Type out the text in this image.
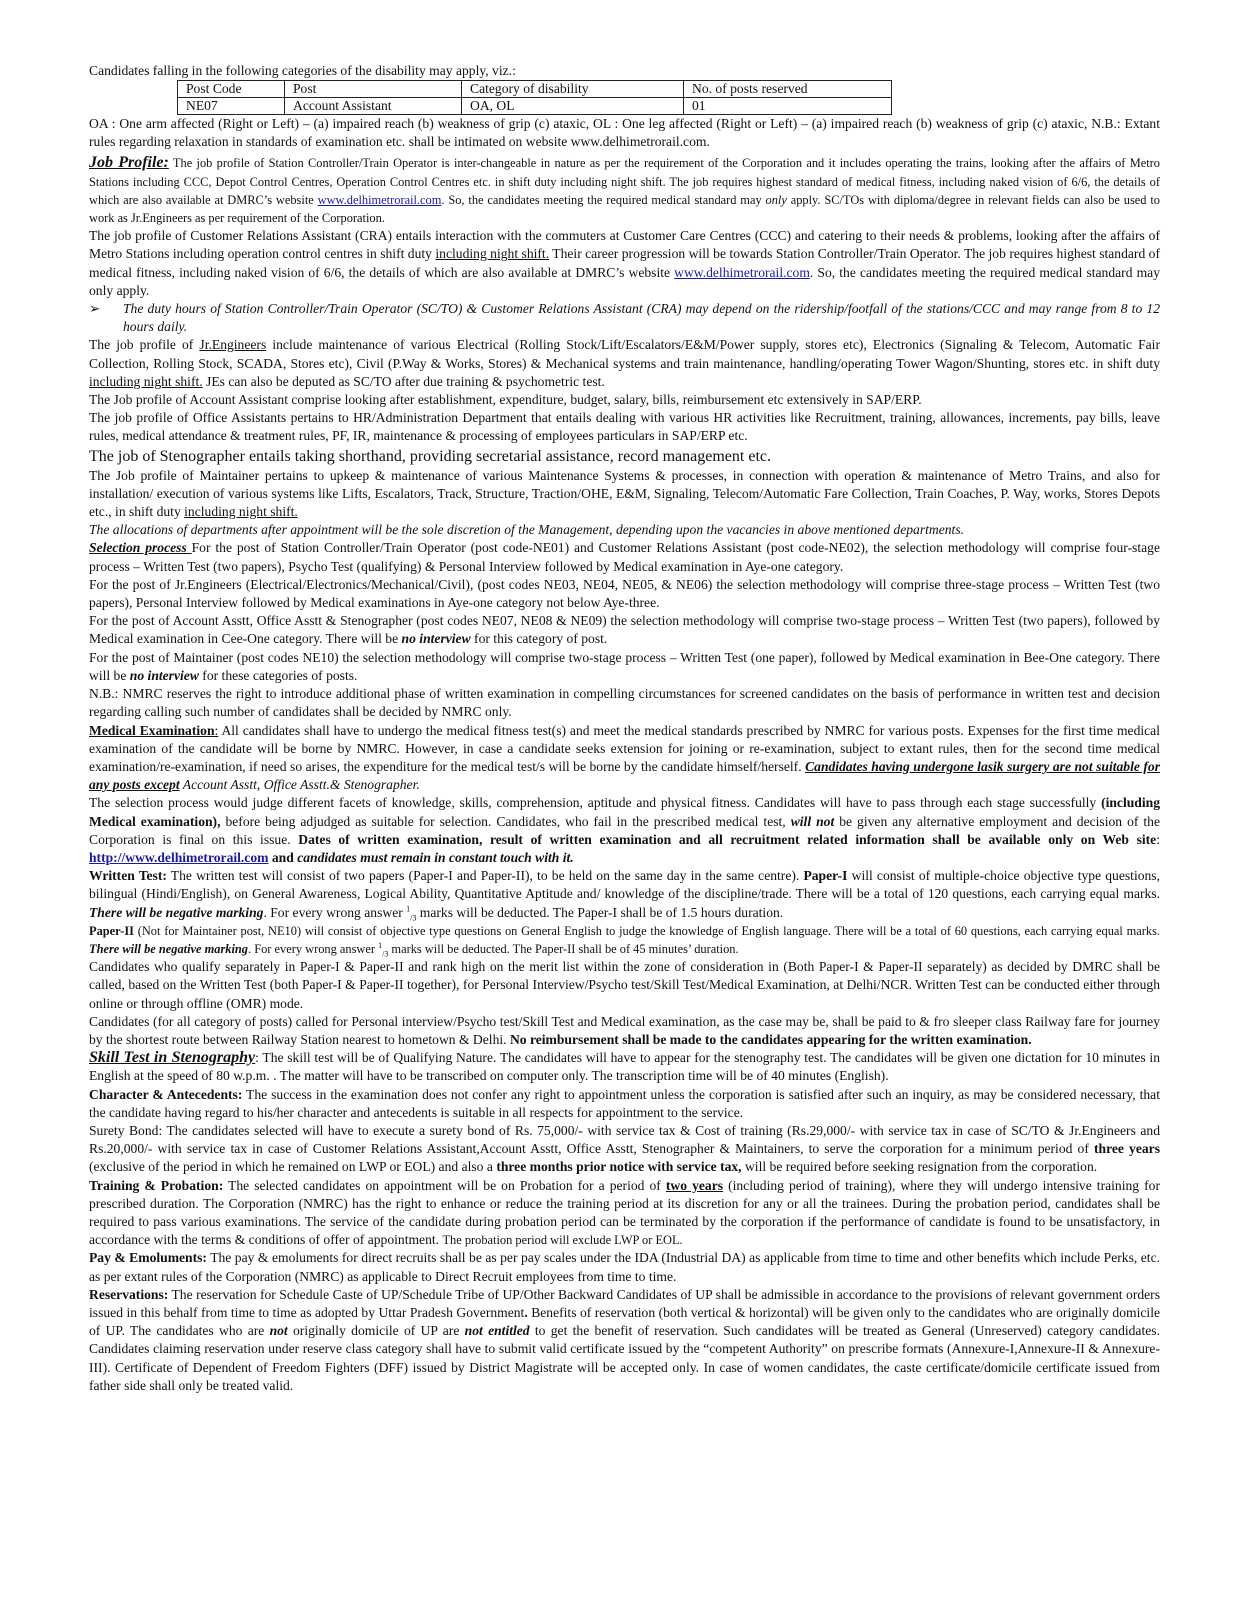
Candidates falling in the following categories of the disability may apply, viz.:

Post Code	Post	Category of disability	No. of posts reserved
NE07	Account Assistant	OA, OL	01

OA : One arm affected (Right or Left) – (a) impaired reach (b) weakness of grip (c) ataxic, OL : One leg affected (Right or Left) – (a) impaired reach (b) weakness of grip (c) ataxic, N.B.: Extant rules regarding relaxation in standards of examination etc. shall be intimated on website www.delhimetrorail.com.

Job Profile: The job profile of Station Controller/Train Operator is inter-changeable in nature as per the requirement of the Corporation and it includes operating the trains, looking after the affairs of Metro Stations including CCC, Depot Control Centres, Operation Control Centres etc. in shift duty including night shift. The job requires highest standard of medical fitness, including naked vision of 6/6, the details of which are also available at DMRC’s website www.delhimetrorail.com. So, the candidates meeting the required medical standard may only apply. SC/TOs with diploma/degree in relevant fields can also be used to work as Jr.Engineers as per requirement of the Corporation.

The job profile of Customer Relations Assistant (CRA) entails interaction with the commuters at Customer Care Centres (CCC) and catering to their needs & problems, looking after the affairs of Metro Stations including operation control centres in shift duty including night shift. Their career progression will be towards Station Controller/Train Operator. The job requires highest standard of medical fitness, including naked vision of 6/6, the details of which are also available at DMRC’s website www.delhimetrorail.com. So, the candidates meeting the required medical standard may only apply.

➢	The duty hours of Station Controller/Train Operator (SC/TO) & Customer Relations Assistant (CRA) may depend on the ridership/footfall of the stations/CCC and may range from 8 to 12 hours daily.

The job profile of Jr.Engineers include maintenance of various Electrical (Rolling Stock/Lift/Escalators/E&M/Power supply, stores etc), Electronics (Signaling & Telecom, Automatic Fair Collection, Rolling Stock, SCADA, Stores etc), Civil (P.Way & Works, Stores) & Mechanical systems and train maintenance, handling/operating Tower Wagon/Shunting, stores etc. in shift duty including night shift. JEs can also be deputed as SC/TO after due training & psychometric test.

The Job profile of Account Assistant comprise looking after establishment, expenditure, budget, salary, bills, reimbursement etc extensively in SAP/ERP.

The job profile of Office Assistants pertains to HR/Administration Department that entails dealing with various HR activities like Recruitment, training, allowances, increments, pay bills, leave rules, medical attendance & treatment rules, PF, IR, maintenance & processing of employees particulars in SAP/ERP etc.

The job of Stenographer entails taking shorthand, providing secretarial assistance, record management etc.

The Job profile of Maintainer pertains to upkeep & maintenance of various Maintenance Systems & processes, in connection with operation & maintenance of Metro Trains, and also for installation/ execution of various systems like Lifts, Escalators, Track, Structure, Traction/OHE, E&M, Signaling, Telecom/Automatic Fare Collection, Train Coaches, P. Way, works, Stores Depots etc., in shift duty including night shift.

The allocations of departments after appointment will be the sole discretion of the Management, depending upon the vacancies in above mentioned departments.

Selection process For the post of Station Controller/Train Operator (post code-NE01) and Customer Relations Assistant (post code-NE02), the selection methodology will comprise four-stage process – Written Test (two papers), Psycho Test (qualifying) & Personal Interview followed by Medical examination in Aye-one category.

For the post of Jr.Engineers (Electrical/Electronics/Mechanical/Civil), (post codes NE03, NE04, NE05, & NE06) the selection methodology will comprise three-stage process – Written Test (two papers), Personal Interview followed by Medical examinations in Aye-one category not below Aye-three.

For the post of Account Asstt, Office Asstt & Stenographer (post codes NE07, NE08 & NE09) the selection methodology will comprise two-stage process – Written Test (two papers), followed by Medical examination in Cee-One category. There will be no interview for this category of post.

For the post of Maintainer (post codes NE10) the selection methodology will comprise two-stage process – Written Test (one paper), followed by Medical examination in Bee-One category. There will be no interview for these categories of posts.

N.B.: NMRC reserves the right to introduce additional phase of written examination in compelling circumstances for screened candidates on the basis of performance in written test and decision regarding calling such number of candidates shall be decided by NMRC only.

Medical Examination: All candidates shall have to undergo the medical fitness test(s) and meet the medical standards prescribed by NMRC for various posts. Expenses for the first time medical examination of the candidate will be borne by NMRC. However, in case a candidate seeks extension for joining or re-examination, subject to extant rules, then for the second time medical examination/re-examination, if need so arises, the expenditure for the medical test/s will be borne by the candidate himself/herself. Candidates having undergone lasik surgery are not suitable for any posts except Account Asstt, Office Asstt.& Stenographer.

The selection process would judge different facets of knowledge, skills, comprehension, aptitude and physical fitness. Candidates will have to pass through each stage successfully (including Medical examination), before being adjudged as suitable for selection. Candidates, who fail in the prescribed medical test, will not be given any alternative employment and decision of the Corporation is final on this issue. Dates of written examination, result of written examination and all recruitment related information shall be available only on Web site: http://www.delhimetrorail.com and candidates must remain in constant touch with it.

Written Test: The written test will consist of two papers (Paper-I and Paper-II), to be held on the same day in the same centre). Paper-I will consist of multiple-choice objective type questions, bilingual (Hindi/English), on General Awareness, Logical Ability, Quantitative Aptitude and/ knowledge of the discipline/trade. There will be a total of 120 questions, each carrying equal marks. There will be negative marking. For every wrong answer $^1_{/3}$ marks will be deducted. The Paper-I shall be of 1.5 hours duration.

Paper-II (Not for Maintainer post, NE10) will consist of objective type questions on General English to judge the knowledge of English language. There will be a total of 60 questions, each carrying equal marks. There will be negative marking. For every wrong answer $^1_{/3}$ marks will be deducted. The Paper-II shall be of 45 minutes’ duration.

Candidates who qualify separately in Paper-I & Paper-II and rank high on the merit list within the zone of consideration in (Both Paper-I & Paper-II separately) as decided by DMRC shall be called, based on the Written Test (both Paper-I & Paper-II together), for Personal Interview/Psycho test/Skill Test/Medical Examination, at Delhi/NCR. Written Test can be conducted either through online or through offline (OMR) mode.

Candidates (for all category of posts) called for Personal interview/Psycho test/Skill Test and Medical examination, as the case may be, shall be paid to & fro sleeper class Railway fare for journey by the shortest route between Railway Station nearest to hometown & Delhi. No reimbursement shall be made to the candidates appearing for the written examination.

Skill Test in Stenography: The skill test will be of Qualifying Nature. The candidates will have to appear for the stenography test. The candidates will be given one dictation for 10 minutes in English at the speed of 80 w.p.m. . The matter will have to be transcribed on computer only. The transcription time will be of 40 minutes (English).

Character & Antecedents: The success in the examination does not confer any right to appointment unless the corporation is satisfied after such an inquiry, as may be considered necessary, that the candidate having regard to his/her character and antecedents is suitable in all respects for appointment to the service.

Surety Bond: The candidates selected will have to execute a surety bond of Rs. 75,000/- with service tax & Cost of training (Rs.29,000/- with service tax in case of SC/TO & Jr.Engineers and Rs.20,000/- with service tax in case of Customer Relations Assistant,Account Asstt, Office Asstt, Stenographer & Maintainers, to serve the corporation for a minimum period of three years (exclusive of the period in which he remained on LWP or EOL) and also a three months prior notice with service tax, will be required before seeking resignation from the corporation.

Training & Probation: The selected candidates on appointment will be on Probation for a period of two years (including period of training), where they will undergo intensive training for prescribed duration. The Corporation (NMRC) has the right to enhance or reduce the training period at its discretion for any or all the trainees. During the probation period, candidates shall be required to pass various examinations. The service of the candidate during probation period can be terminated by the corporation if the performance of candidate is found to be unsatisfactory, in accordance with the terms & conditions of offer of appointment. The probation period will exclude LWP or EOL.

Pay & Emoluments: The pay & emoluments for direct recruits shall be as per pay scales under the IDA (Industrial DA) as applicable from time to time and other benefits which include Perks, etc. as per extant rules of the Corporation (NMRC) as applicable to Direct Recruit employees from time to time.

Reservations: The reservation for Schedule Caste of UP/Schedule Tribe of UP/Other Backward Candidates of UP shall be admissible in accordance to the provisions of relevant government orders issued in this behalf from time to time as adopted by Uttar Pradesh Government. Benefits of reservation (both vertical & horizontal) will be given only to the candidates who are originally domicile of UP. The candidates who are not originally domicile of UP are not entitled to get the benefit of reservation. Such candidates will be treated as General (Unreserved) category candidates. Candidates claiming reservation under reserve class category shall have to submit valid certificate issued by the “competent Authority” on prescribe formats (Annexure-I,Annexure-II & Annexure-III). Certificate of Dependent of Freedom Fighters (DFF) issued by District Magistrate will be accepted only. In case of women candidates, the caste certificate/domicile certificate issued from father side shall only be treated valid.
